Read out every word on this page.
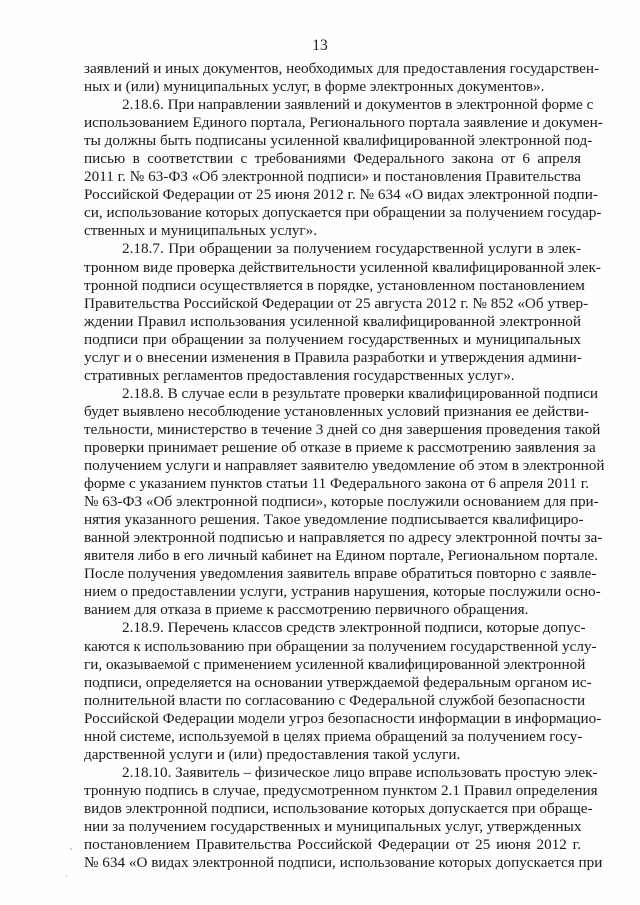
13
заявлений и иных документов, необходимых для предоставления государствен-
ных и (или) муниципальных услуг, в форме электронных документов».
2.18.6. При направлении заявлений и документов в электронной форме с
использованием Единого портала, Регионального портала заявление и докумен-
ты должны быть подписаны усиленной квалифицированной электронной под-
писью в соответствии с требованиями Федерального закона от 6 апреля
2011 г. № 63-ФЗ «Об электронной подписи» и постановления Правительства
Российской Федерации от 25 июня 2012 г. № 634 «О видах электронной подпи-
си, использование которых допускается при обращении за получением государ-
ственных и муниципальных услуг».
2.18.7. При обращении за получением государственной услуги в элек-
тронном виде проверка действительности усиленной квалифицированной элек-
тронной подписи осуществляется в порядке, установленном постановлением
Правительства Российской Федерации от 25 августа 2012 г. № 852 «Об утвер-
ждении Правил использования усиленной квалифицированной электронной
подписи при обращении за получением государственных и муниципальных
услуг и о внесении изменения в Правила разработки и утверждения админи-
стративных регламентов предоставления государственных услуг».
2.18.8. В случае если в результате проверки квалифицированной подписи
будет выявлено несоблюдение установленных условий признания ее действи-
тельности, министерство в течение 3 дней со дня завершения проведения такой
проверки принимает решение об отказе в приеме к рассмотрению заявления за
получением услуги и направляет заявителю уведомление об этом в электронной
форме с указанием пунктов статьи 11 Федерального закона от 6 апреля 2011 г.
№ 63-ФЗ «Об электронной подписи», которые послужили основанием для при-
нятия указанного решения. Такое уведомление подписывается квалифициро-
ванной электронной подписью и направляется по адресу электронной почты за-
явителя либо в его личный кабинет на Едином портале, Региональном портале.
После получения уведомления заявитель вправе обратиться повторно с заявле-
нием о предоставлении услуги, устранив нарушения, которые послужили осно-
ванием для отказа в приеме к рассмотрению первичного обращения.
2.18.9. Перечень классов средств электронной подписи, которые допус-
каются к использованию при обращении за получением государственной услу-
ги, оказываемой с применением усиленной квалифицированной электронной
подписи, определяется на основании утверждаемой федеральным органом ис-
полнительной власти по согласованию с Федеральной службой безопасности
Российской Федерации модели угроз безопасности информации в информацио-
нной системе, используемой в целях приема обращений за получением госу-
дарственной услуги и (или) предоставления такой услуги.
2.18.10. Заявитель – физическое лицо вправе использовать простую элек-
тронную подпись в случае, предусмотренном пунктом 2.1 Правил определения
видов электронной подписи, использование которых допускается при обраще-
нии за получением государственных и муниципальных услуг, утвержденных
постановлением Правительства Российской Федерации от 25 июня 2012 г.
№ 634 «О видах электронной подписи, использование которых допускается при
